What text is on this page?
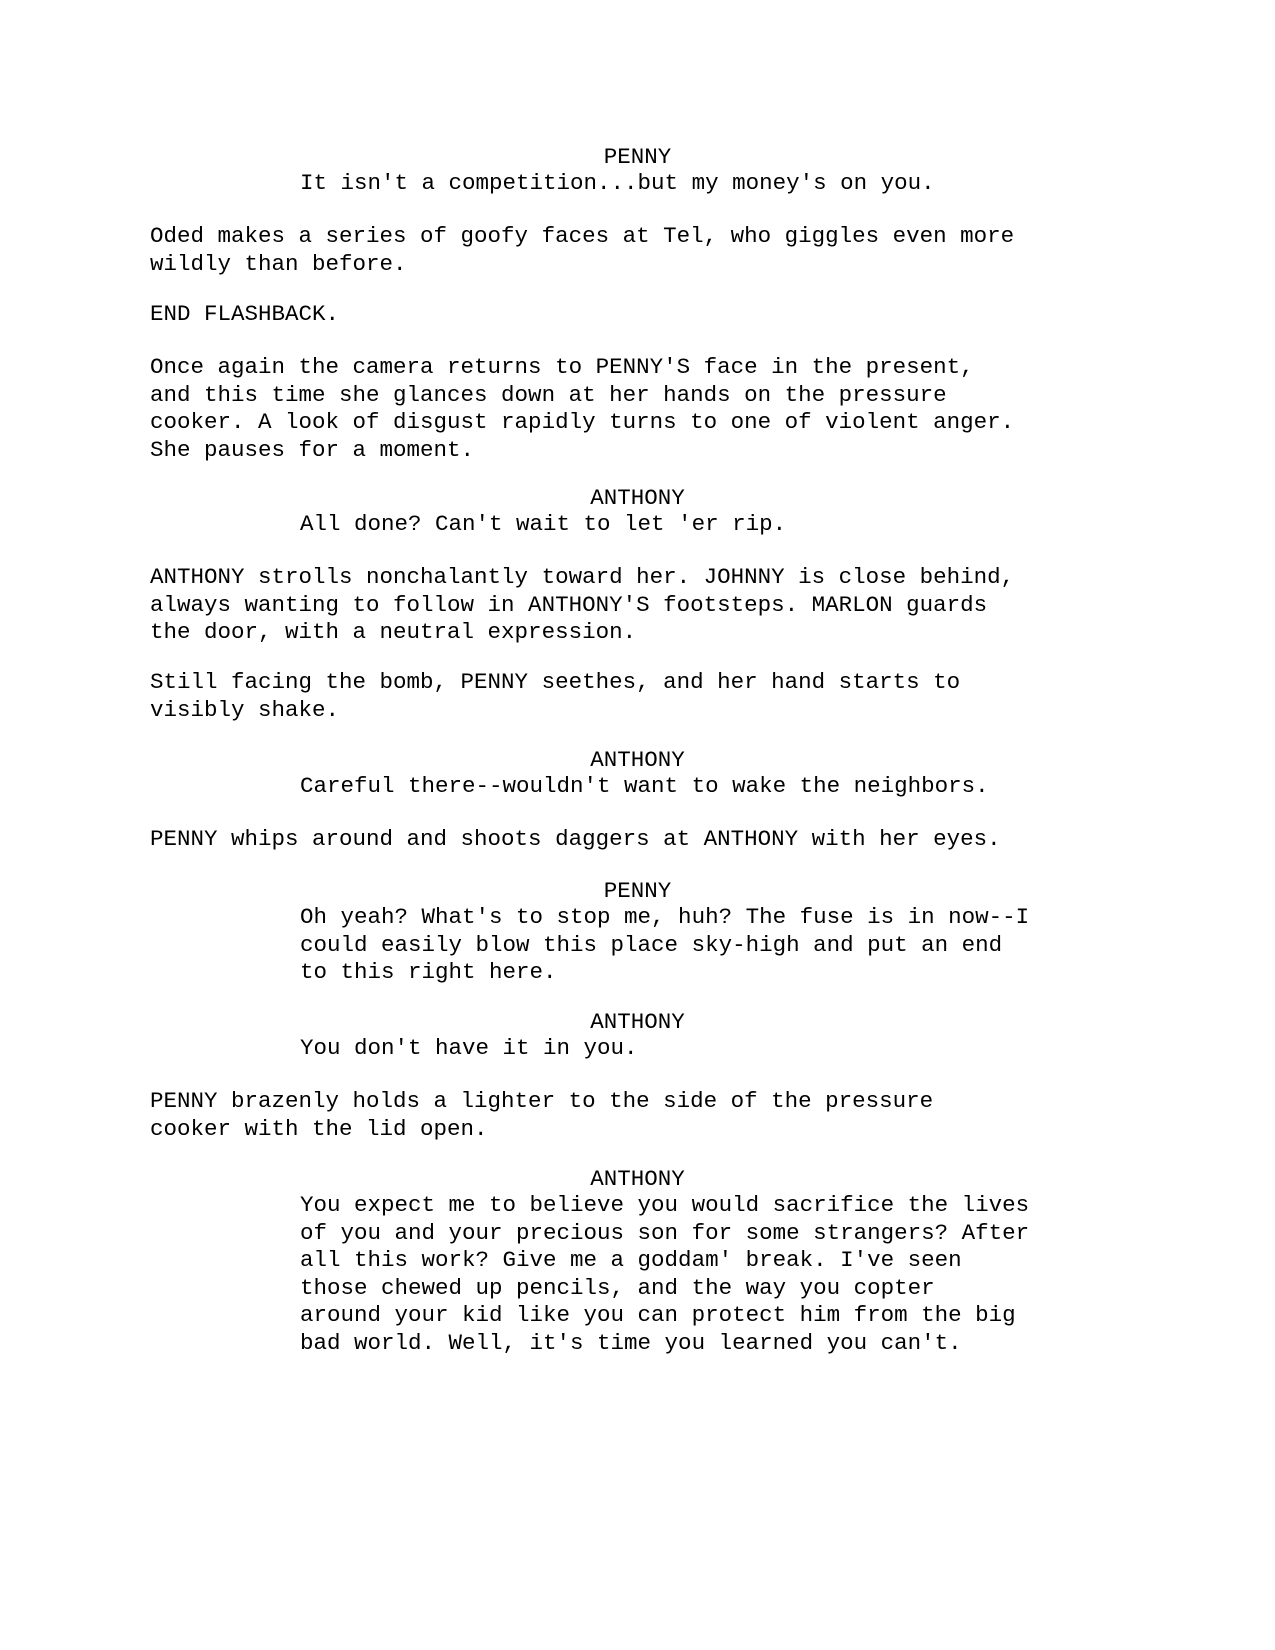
PENNY

It isn't a competition...but my money's on you.

Oded makes a series of goofy faces at Tel, who giggles even more
wildly than before.

END FLASHBACK.

Once again the camera returns to PENNY'S face in the present,
and this time she glances down at her hands on the pressure
cooker. A look of disgust rapidly turns to one of violent anger.
She pauses for a moment.

ANTHONY

All done? Can't wait to let 'er rip.

ANTHONY strolls nonchalantly toward her. JOHNNY is close behind,
always wanting to follow in ANTHONY'S footsteps. MARLON guards
the door, with a neutral expression.

Still facing the bomb, PENNY seethes, and her hand starts to
visibly shake.

ANTHONY

Careful there--wouldn't want to wake the neighbors.

PENNY whips around and shoots daggers at ANTHONY with her eyes.

PENNY

Oh yeah? What's to stop me, huh? The fuse is in now--I
could easily blow this place sky-high and put an end
to this right here.

ANTHONY

You don't have it in you.

PENNY brazenly holds a lighter to the side of the pressure
cooker with the lid open.

ANTHONY

You expect me to believe you would sacrifice the lives
of you and your precious son for some strangers? After
all this work? Give me a goddam' break. I've seen
those chewed up pencils, and the way you copter
around your kid like you can protect him from the big
bad world. Well, it's time you learned you can't.
